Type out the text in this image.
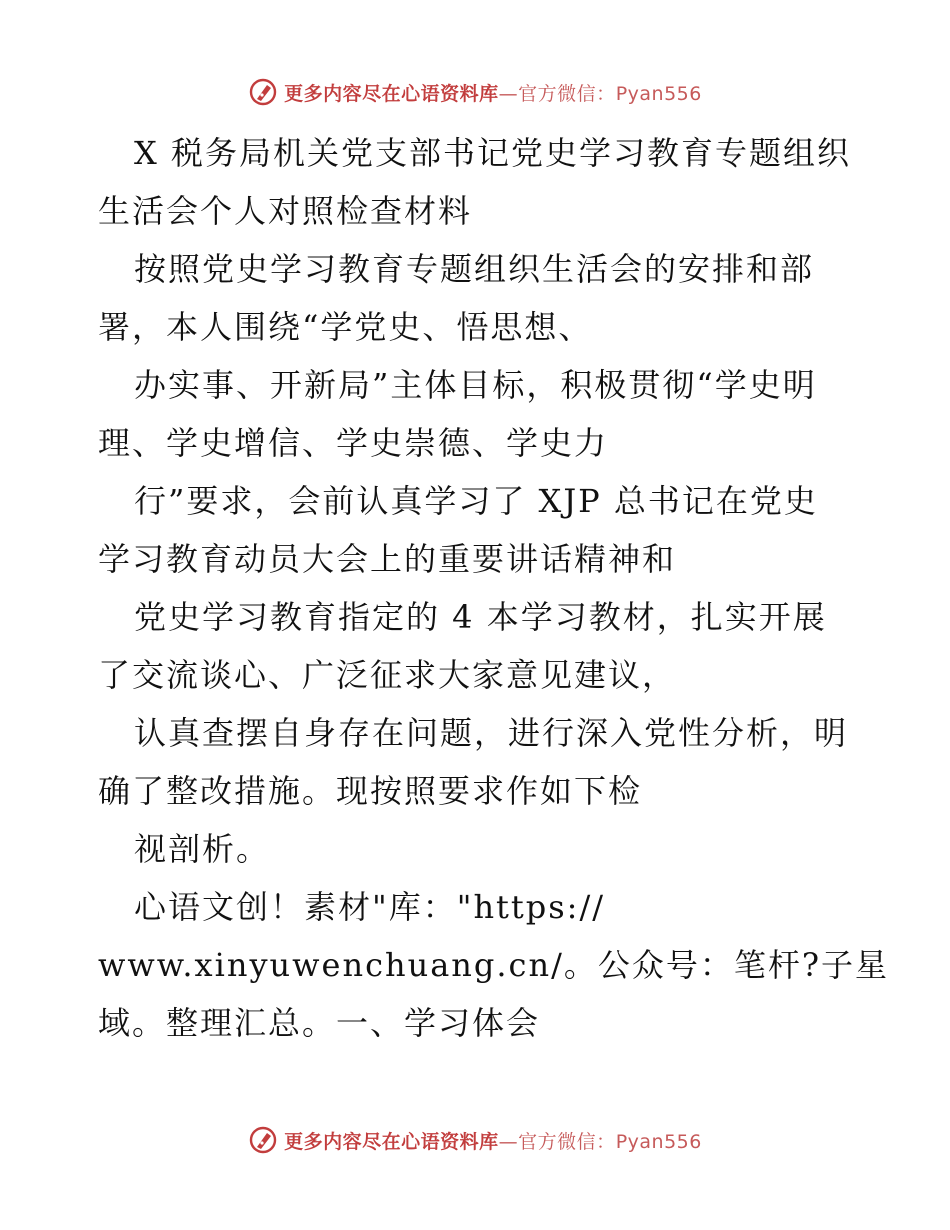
更多内容尽在心语资料库—官方微信：Pyan556
X 税务局机关党支部书记党史学习教育专题组织
生活会个人对照检查材料
按照党史学习教育专题组织生活会的安排和部
署，本人围绕“学党史、悟思想、
办实事、开新局”主体目标，积极贯彻“学史明
理、学史增信、学史崇德、学史力
行”要求，会前认真学习了 XJP 总书记在党史
学习教育动员大会上的重要讲话精神和
党史学习教育指定的 4 本学习教材，扎实开展
了交流谈心、广泛征求大家意见建议，
认真查摆自身存在问题，进行深入党性分析，明
确了整改措施。现按照要求作如下检
视剖析。
心语文创！素材"库："https://
www.xinyuwenchuang.cn/。公众号：笔杆?子星
域。整理汇总。一、学习体会
更多内容尽在心语资料库—官方微信：Pyan556
